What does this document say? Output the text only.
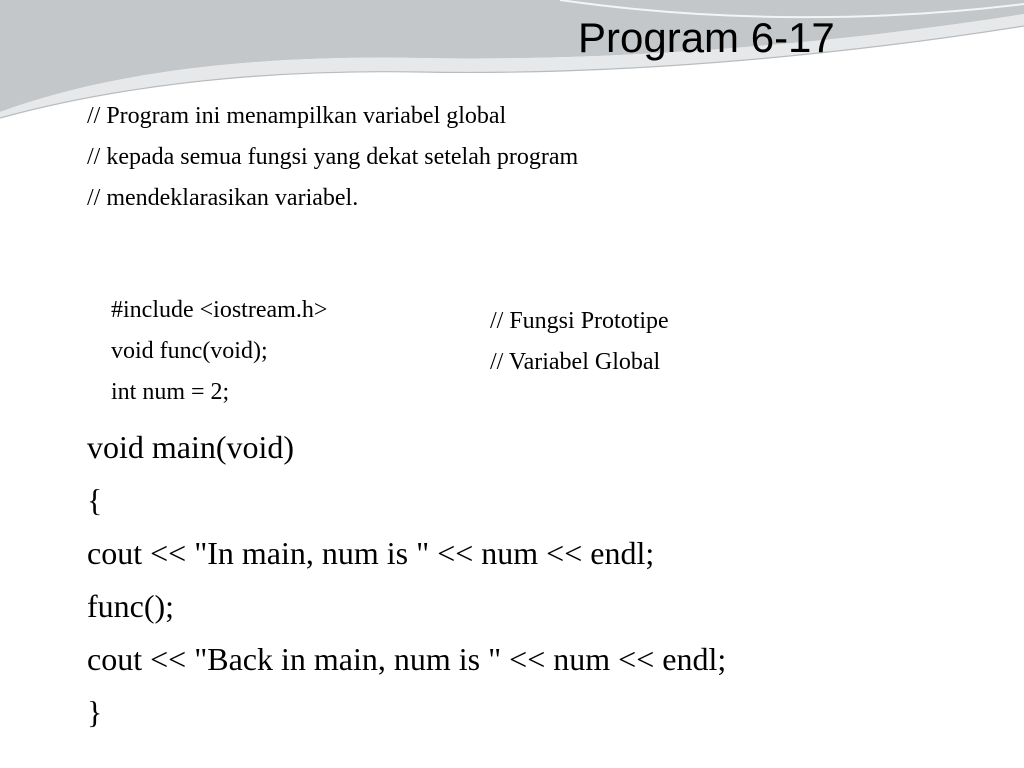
Program 6-17
// Program ini menampilkan variabel global
// kepada semua fungsi yang dekat setelah program
// mendeklarasikan variabel.

#include <iostream.h>

void func(void);

// Fungsi Prototipe

int num = 2;

// Variabel Global

void main(void)
{
cout << "In main, num is " << num << endl;
func();
cout << "Back in main, num is " << num << endl;
}
